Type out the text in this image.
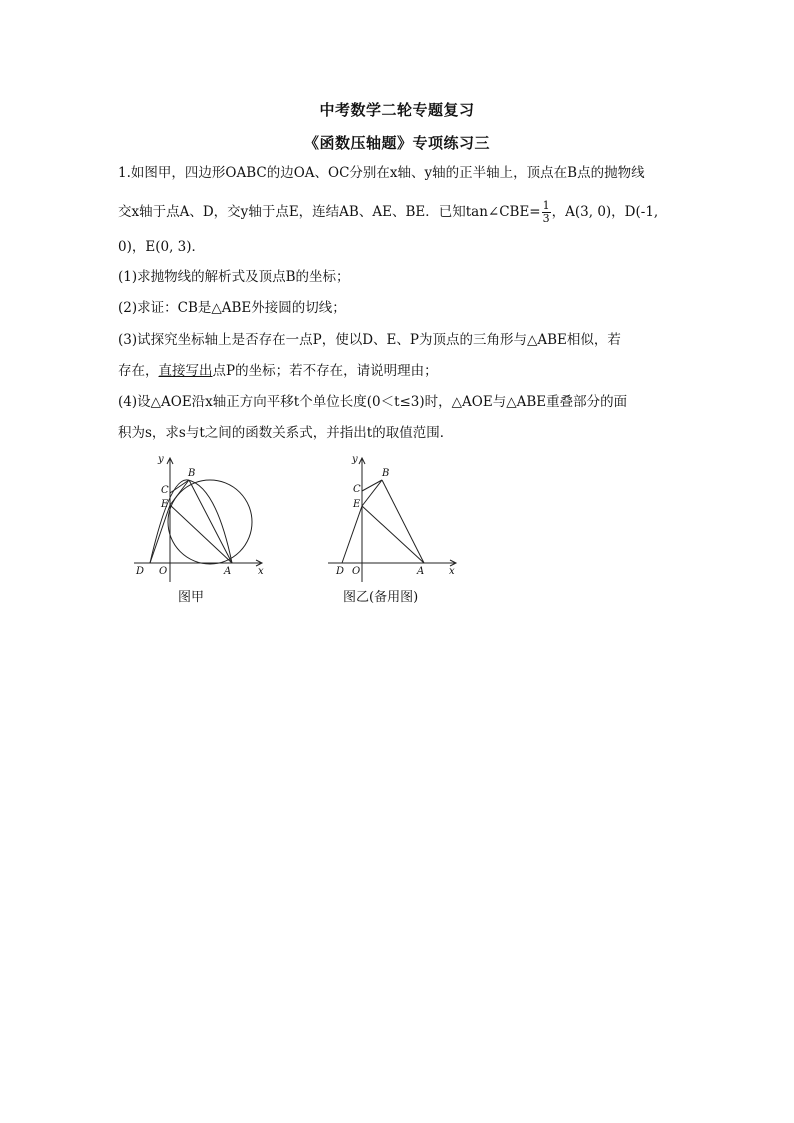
中考数学二轮专题复习
《函数压轴题》专项练习三
1.如图甲，四边形OABC的边OA、OC分别在x轴、y轴的正半轴上，顶点在B点的抛物线
交x轴于点A、D，交y轴于点E，连结AB、AE、BE．已知tan∠CBE= $\frac{1}{3}$ ，A(3, 0)，D(-1,
0)，E(0, 3)．
(1)求抛物线的解析式及顶点B的坐标；
(2)求证：CB是△ABE外接圆的切线；
(3)试探究坐标轴上是否存在一点P，使以D、E、P为顶点的三角形与△ABE相似，若
存在，直接写出点P的坐标；若不存在，请说明理由；
(4)设△AOE沿x轴正方向平移t个单位长度(0＜t≤3)时，△AOE与△ABE重叠部分的面
积为s，求s与t之间的函数关系式，并指出t的取值范围．
y
B
C
E
D O	A	x
图甲
y
B
C
E
D O	A x
图乙(备用图)
